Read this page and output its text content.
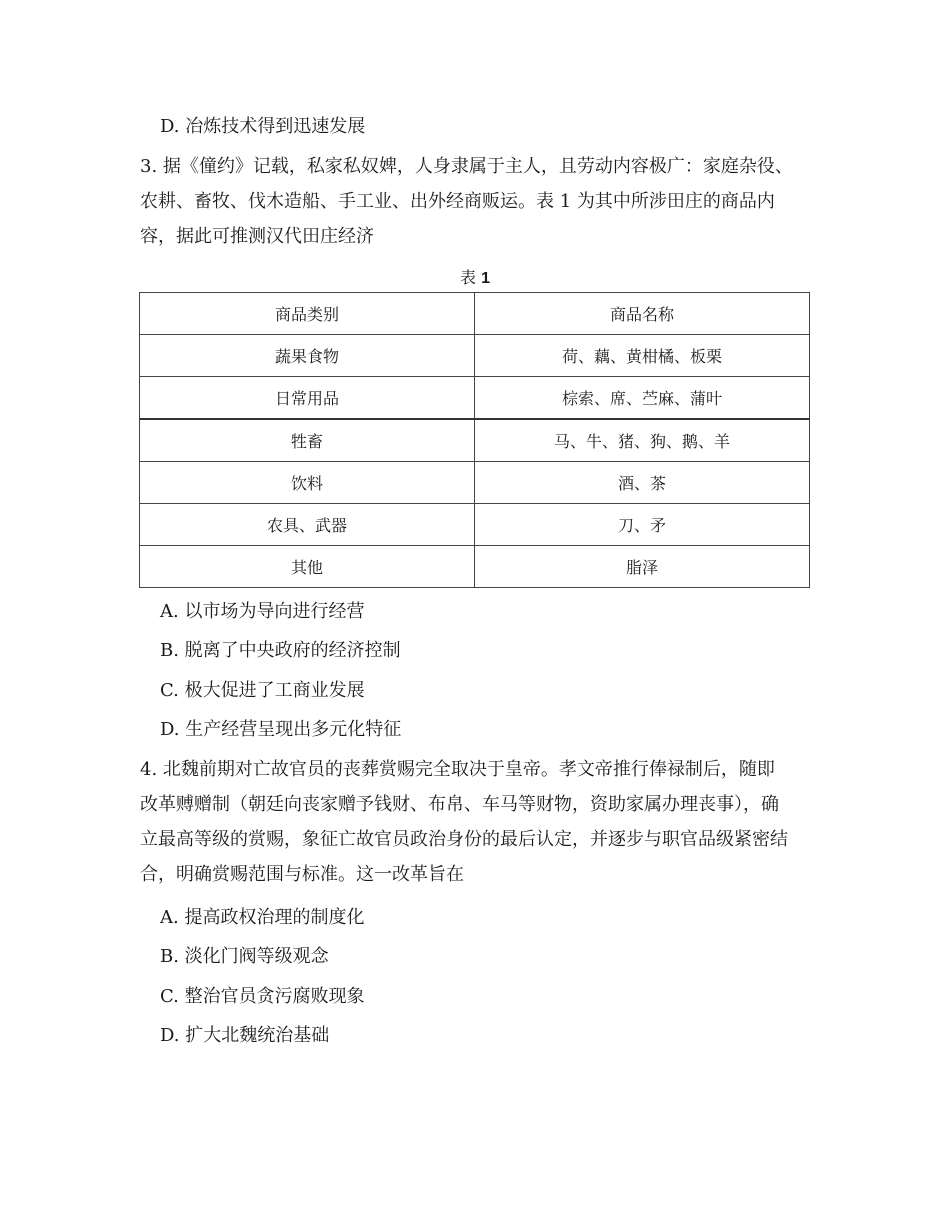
D. 冶炼技术得到迅速发展
3. 据《僮约》记载，私家私奴婢，人身隶属于主人，且劳动内容极广：家庭杂役、
农耕、畜牧、伐木造船、手工业、出外经商贩运。表 1 为其中所涉田庄的商品内
容，据此可推测汉代田庄经济
表 1
商品类别	商品名称
蔬果食物	荷、藕、黄柑橘、板栗
日常用品	棕索、席、苎麻、蒲叶
牲畜	马、牛、猪、狗、鹅、羊
饮料	酒、茶
农具、武器	刀、矛
其他	脂泽
A. 以市场为导向进行经营
B. 脱离了中央政府的经济控制
C. 极大促进了工商业发展
D. 生产经营呈现出多元化特征
4. 北魏前期对亡故官员的丧葬赏赐完全取决于皇帝。孝文帝推行俸禄制后，随即
改革赙赠制（朝廷向丧家赠予钱财、布帛、车马等财物，资助家属办理丧事），确
立最高等级的赏赐，象征亡故官员政治身份的最后认定，并逐步与职官品级紧密结
合，明确赏赐范围与标准。这一改革旨在
A. 提高政权治理的制度化
B. 淡化门阀等级观念
C. 整治官员贪污腐败现象
D. 扩大北魏统治基础
